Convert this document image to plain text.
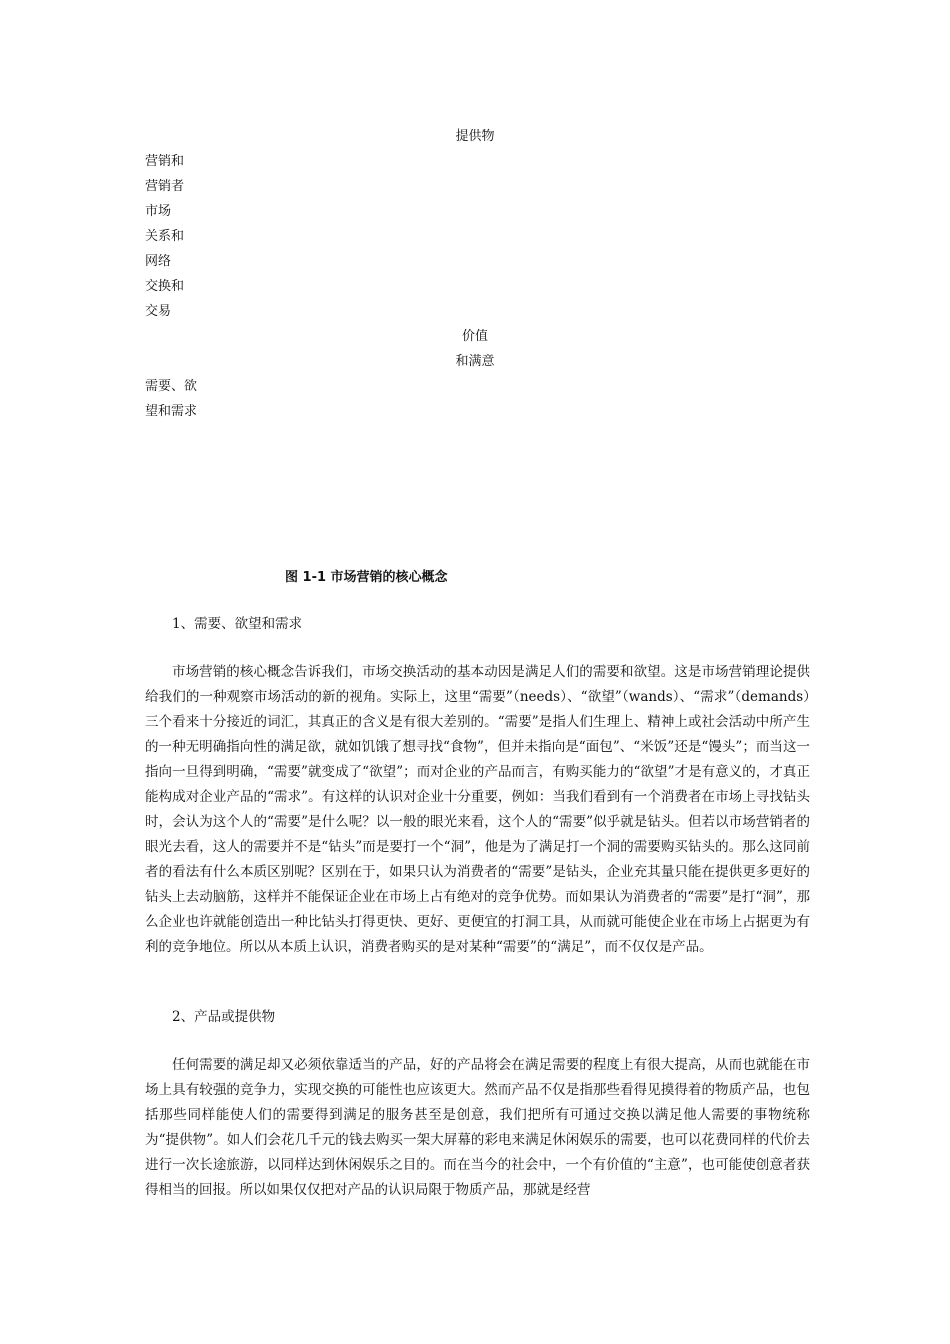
提供物
营销和
营销者
市场
关系和
网络
交换和
交易
价值
和满意
需要、欲
望和需求
图 1-1 市场营销的核心概念
1、需要、欲望和需求
市场营销的核心概念告诉我们，市场交换活动的基本动因是满足人们的需要和欲望。这是市场营销理论提供给我们的一种观察市场活动的新的视角。实际上，这里“需要”（needs）、“欲望”（wands）、“需求”（demands）三个看来十分接近的词汇，其真正的含义是有很大差别的。“需要”是指人们生理上、精神上或社会活动中所产生的一种无明确指向性的满足欲，就如饥饿了想寻找“食物”，但并未指向是“面包”、“米饭”还是“馒头”；而当这一指向一旦得到明确，“需要”就变成了“欲望”；而对企业的产品而言，有购买能力的“欲望”才是有意义的，才真正能构成对企业产品的“需求”。有这样的认识对企业十分重要，例如：当我们看到有一个消费者在市场上寻找钻头时，会认为这个人的“需要”是什么呢？以一般的眼光来看，这个人的“需要”似乎就是钻头。但若以市场营销者的眼光去看，这人的需要并不是“钻头”而是要打一个“洞”，他是为了满足打一个洞的需要购买钻头的。那么这同前者的看法有什么本质区别呢？区别在于，如果只认为消费者的“需要”是钻头，企业充其量只能在提供更多更好的钻头上去动脑筋，这样并不能保证企业在市场上占有绝对的竞争优势。而如果认为消费者的“需要”是打“洞”，那么企业也许就能创造出一种比钻头打得更快、更好、更便宜的打洞工具，从而就可能使企业在市场上占据更为有利的竞争地位。所以从本质上认识，消费者购买的是对某种“需要”的“满足”，而不仅仅是产品。
2、产品或提供物
任何需要的满足却又必须依靠适当的产品，好的产品将会在满足需要的程度上有很大提高，从而也就能在市场上具有较强的竞争力，实现交换的可能性也应该更大。然而产品不仅是指那些看得见摸得着的物质产品，也包括那些同样能使人们的需要得到满足的服务甚至是创意，我们把所有可通过交换以满足他人需要的事物统称为“提供物”。如人们会花几千元的钱去购买一架大屏幕的彩电来满足休闲娱乐的需要，也可以花费同样的代价去进行一次长途旅游，以同样达到休闲娱乐之目的。而在当今的社会中，一个有价值的“主意”，也可能使创意者获得相当的回报。所以如果仅仅把对产品的认识局限于物质产品，那就是经营
